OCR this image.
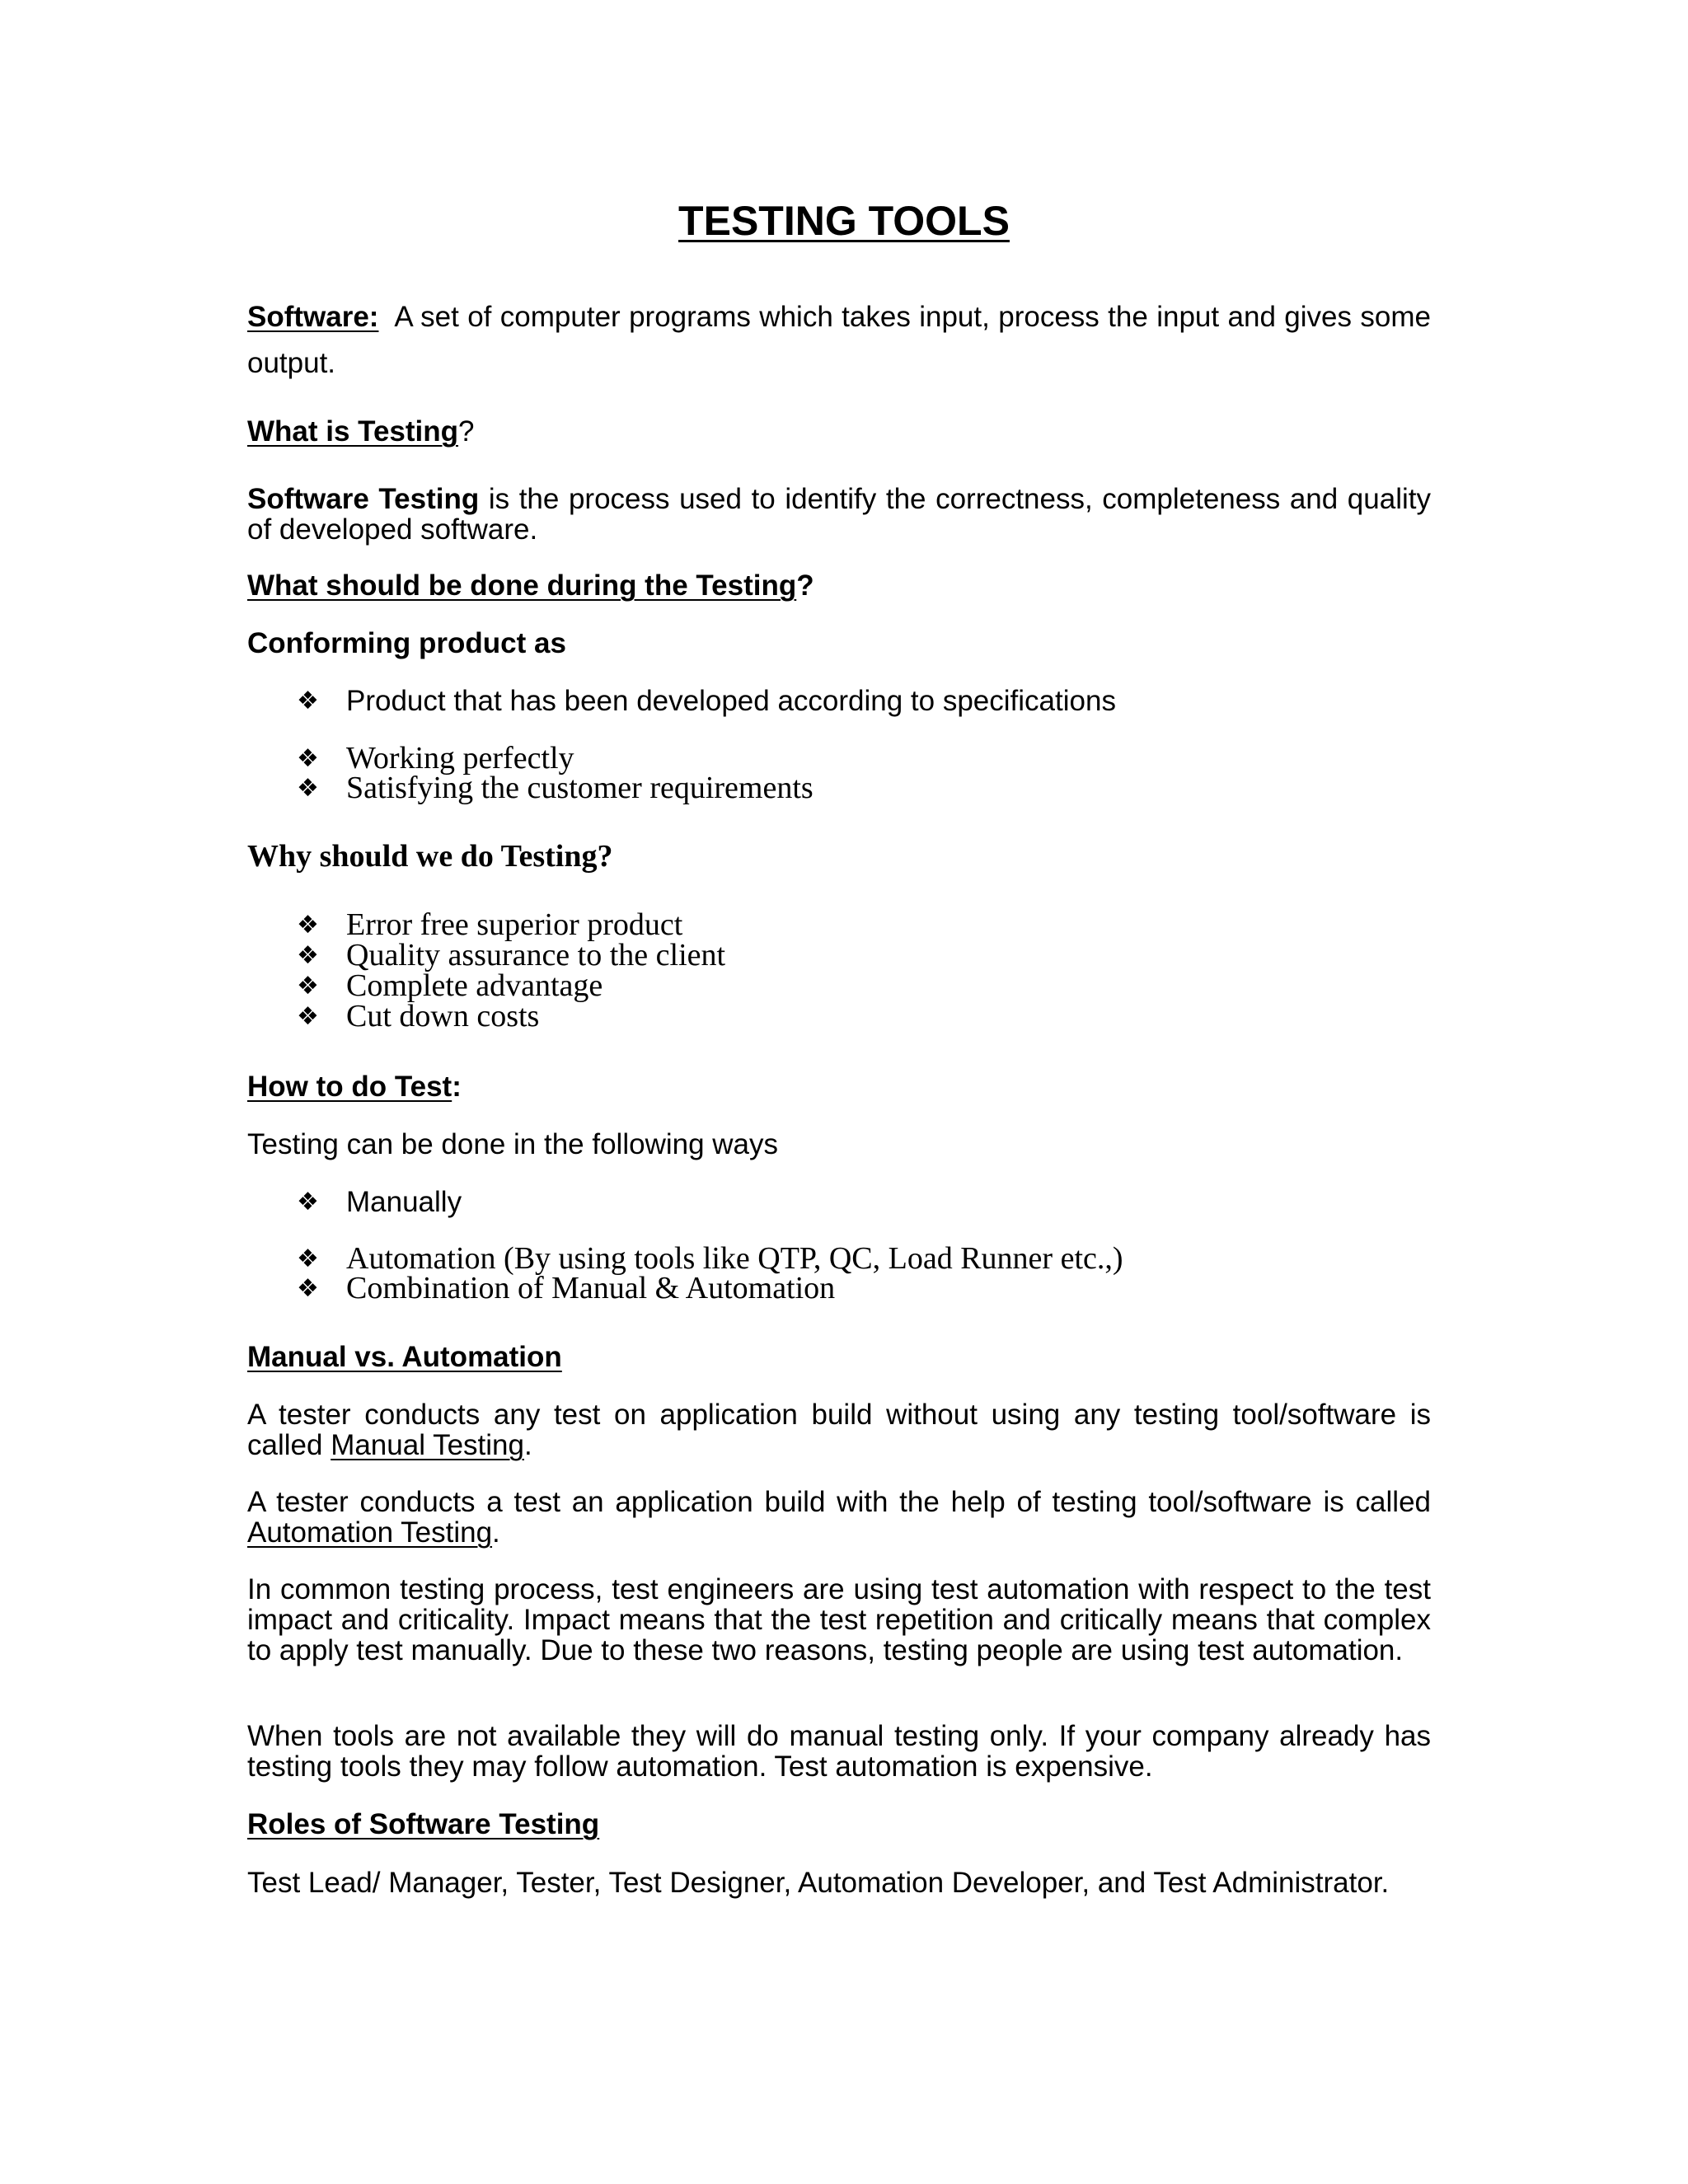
TESTING TOOLS
Software: A set of computer programs which takes input, process the input and gives some output.
What is Testing?
Software Testing is the process used to identify the correctness, completeness and quality of developed software.
What should be done during the Testing?
Conforming product as
❖ Product that has been developed according to specifications
❖ Working perfectly
❖ Satisfying the customer requirements
Why should we do Testing?
❖ Error free superior product
❖ Quality assurance to the client
❖ Complete advantage
❖ Cut down costs
How to do Test:
Testing can be done in the following ways
❖ Manually
❖ Automation (By using tools like QTP, QC, Load Runner etc.,)
❖ Combination of Manual & Automation
Manual vs. Automation
A tester conducts any test on application build without using any testing tool/software is called Manual Testing.
A tester conducts a test an application build with the help of testing tool/software is called Automation Testing.
In common testing process, test engineers are using test automation with respect to the test impact and criticality. Impact means that the test repetition and critically means that complex to apply test manually. Due to these two reasons, testing people are using test automation.
When tools are not available they will do manual testing only. If your company already has testing tools they may follow automation. Test automation is expensive.
Roles of Software Testing
Test Lead/ Manager, Tester, Test Designer, Automation Developer, and Test Administrator.
